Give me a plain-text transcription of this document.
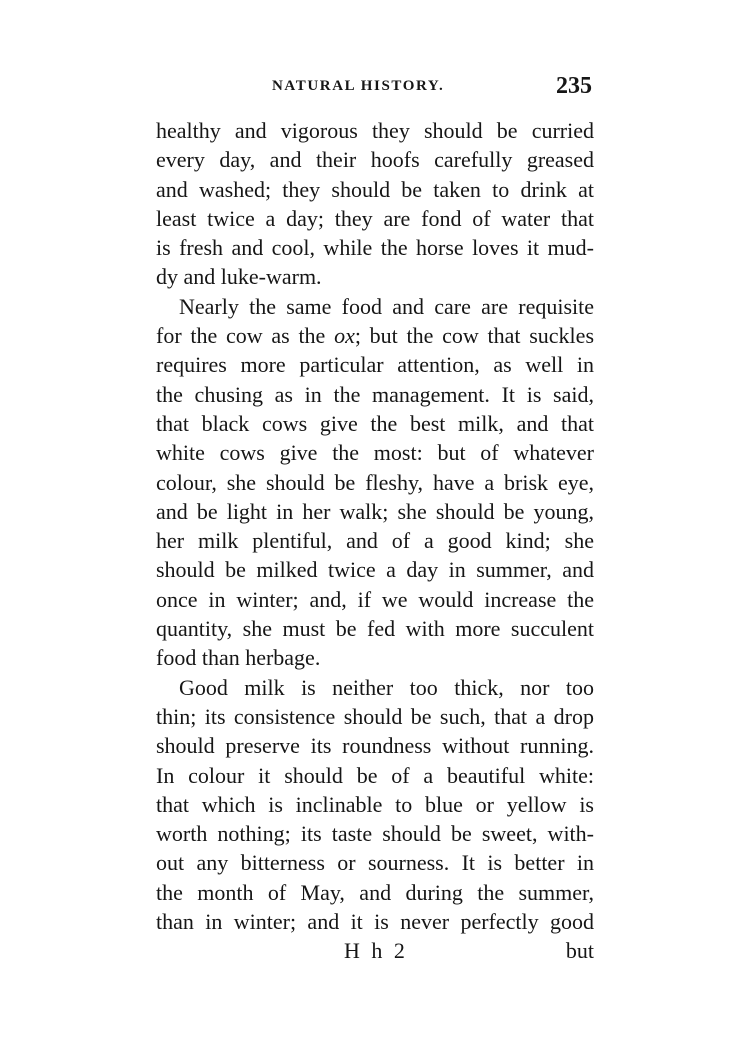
NATURAL HISTORY.	235
healthy and vigorous they should be curried
every day, and their hoofs carefully greased
and washed; they should be taken to drink at
least twice a day; they are fond of water that
is fresh and cool, while the horse loves it mud-
dy and luke-warm.
Nearly the same food and care are requisite
for the cow as the ox; but the cow that suckles
requires more particular attention, as well in
the chusing as in the management. It is said,
that black cows give the best milk, and that
white cows give the most: but of whatever
colour, she should be fleshy, have a brisk eye,
and be light in her walk; she should be young,
her milk plentiful, and of a good kind; she
should be milked twice a day in summer, and
once in winter; and, if we would increase the
quantity, she must be fed with more succulent
food than herbage.
Good milk is neither too thick, nor too
thin; its consistence should be such, that a drop
should preserve its roundness without running.
In colour it should be of a beautiful white:
that which is inclinable to blue or yellow is
worth nothing; its taste should be sweet, with-
out any bitterness or sourness. It is better in
the month of May, and during the summer,
than in winter; and it is never perfectly good
H h 2	but
